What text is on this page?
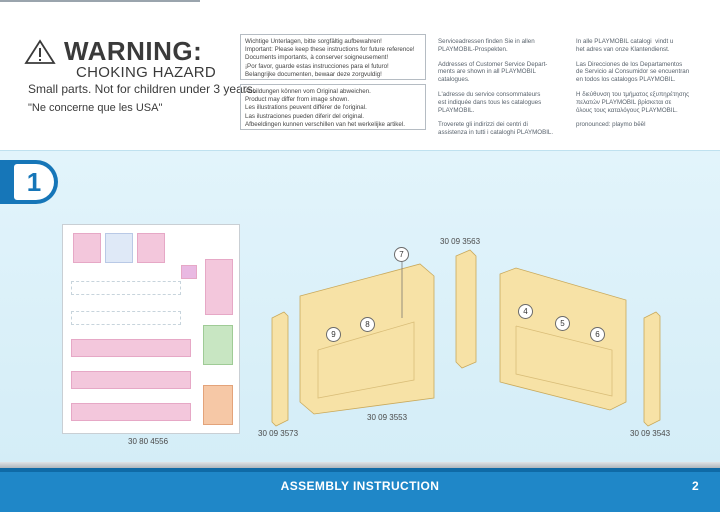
WARNING:
CHOKING HAZARD
Small parts. Not for children under 3 years.
"Ne concerne que les USA"

Wichtige Unterlagen, bitte sorgfältig aufbewahren!

Important: Please keep these instructions for future reference!

Documents importants, à conserver soigneusement!

¡Por favor, guarde estas instrucciones para el futuro!

Belangrijke documenten, bewaar deze zorgvuldig!

Abbildungen können vom Original abweichen.

Product may differ from image shown.

Les illustrations peuvent différer de l'original.

Las ilustraciones pueden diferir del original.

Afbeeldingen kunnen verschillen van het werkelijke artikel.

Serviceadressen finden Sie in allen
PLAYMOBIL-Prospekten.

Addresses of Customer Service Depart-
ments are shown in all PLAYMOBIL
catalogues.

L'adresse du service consommateurs
est indiquée dans tous les catalogues
PLAYMOBIL.

Troverete gli indirizzi dei centri di
assistenza in tutti i cataloghi PLAYMOBIL.

In alle PLAYMOBIL catalogi  vindt u
het adres van onze Klantendienst.

Las Direcciones de los Departamentos
de Servicio al Consumidor se encuentran
en todos los catalogos PLAYMOBIL.

Η διεύθυνση του τμήματος εξυπηρέτησης
πελατών PLAYMOBIL βρίσκεται σε
όλους τους καταλόγους PLAYMOBIL.

pronounced: playmo bēēl

1
30 80 4556
7
8
9
4
5
6
30 09 3573
30 09 3553
30 09 3563
30 09 3543
ASSEMBLY INSTRUCTION	2
